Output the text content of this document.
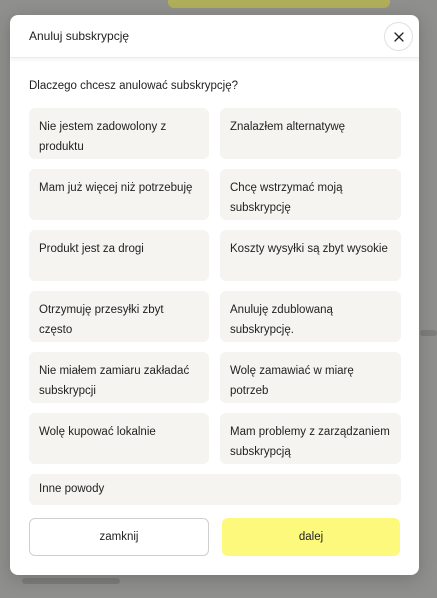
Anuluj subskrypcję
Dlaczego chcesz anulować subskrypcję?
Nie jestem zadowolony z produktu
Znalazłem alternatywę
Mam już więcej niż potrzebuję	Chcę wstrzymać moją subskrypcję
Produkt jest za drogi	Koszty wysyłki są zbyt wysokie
Otrzymuję przesyłki zbyt często
Anuluję zdublowaną subskrypcję.
Nie miałem zamiaru zakładać subskrypcji
Wolę zamawiać w miarę potrzeb
Wolę kupować lokalnie	Mam problemy z zarządzaniem subskrypcją
Inne powody
zamknij	dalej
